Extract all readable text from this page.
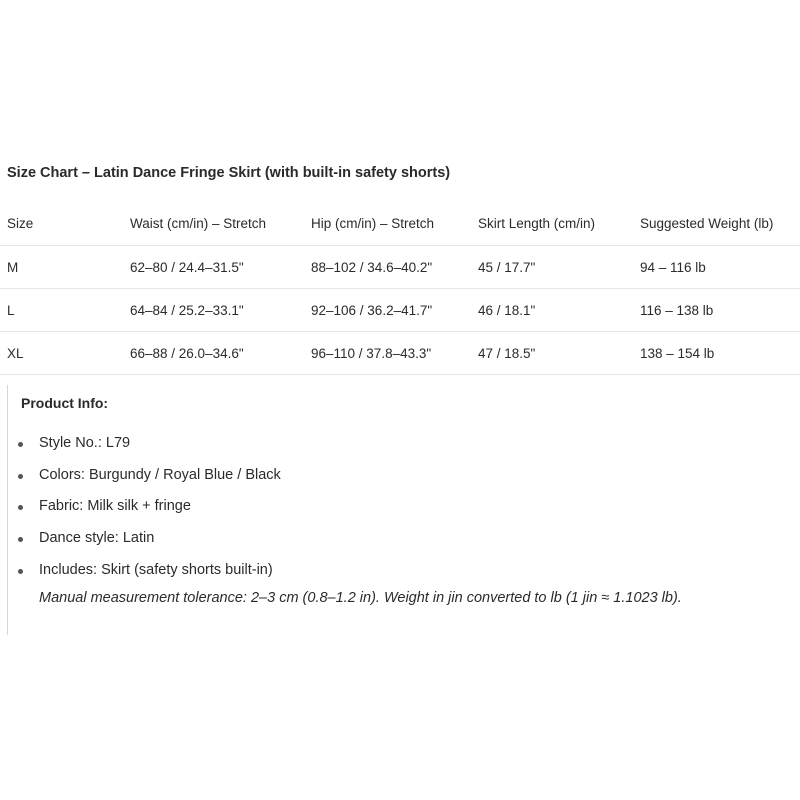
Size Chart – Latin Dance Fringe Skirt (with built-in safety shorts)
Size	Waist (cm/in) – Stretch	Hip (cm/in) – Stretch	Skirt Length (cm/in)	Suggested Weight (lb)
M	62–80 / 24.4–31.5"	88–102 / 34.6–40.2"	45 / 17.7"	94 – 116 lb
L	64–84 / 25.2–33.1"	92–106 / 36.2–41.7"	46 / 18.1"	116 – 138 lb
XL	66–88 / 26.0–34.6"	96–110 / 37.8–43.3"	47 / 18.5"	138 – 154 lb
Product Info:
Style No.: L79
Colors: Burgundy / Royal Blue / Black
Fabric: Milk silk + fringe
Dance style: Latin
Includes: Skirt (safety shorts built-in)
Manual measurement tolerance: 2–3 cm (0.8–1.2 in). Weight in jin converted to lb (1 jin ≈ 1.1023 lb).
